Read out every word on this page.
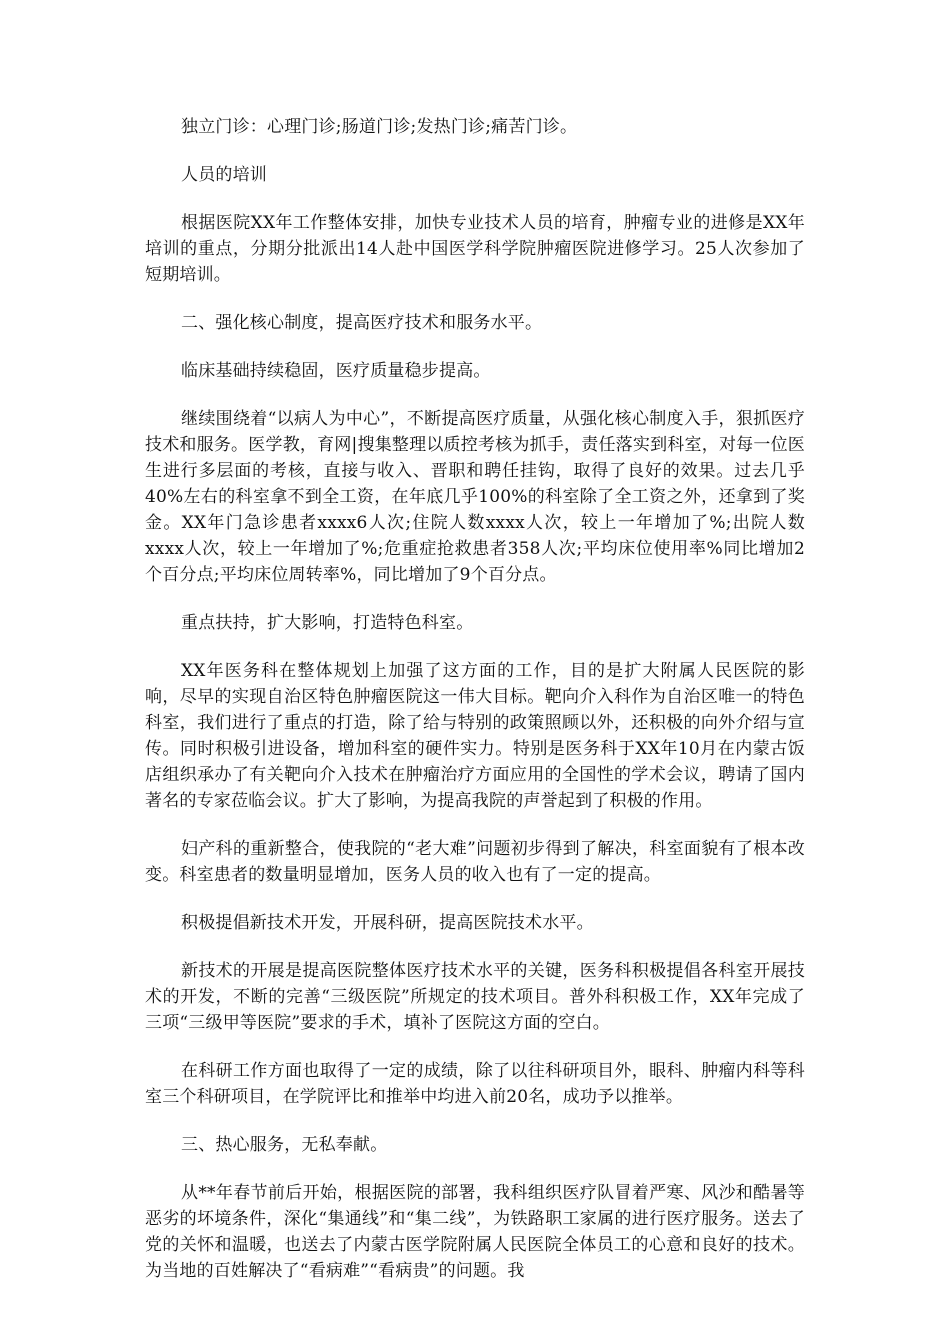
独立门诊：心理门诊;肠道门诊;发热门诊;痛苦门诊。

人员的培训

根据医院XX年工作整体安排，加快专业技术人员的培育，肿瘤专业的进修是XX年培训的重点，分期分批派出14人赴中国医学科学院肿瘤医院进修学习。25人次参加了短期培训。

二、强化核心制度，提高医疗技术和服务水平。

临床基础持续稳固，医疗质量稳步提高。

继续围绕着“以病人为中心”，不断提高医疗质量，从强化核心制度入手，狠抓医疗技术和服务。医学教，育网|搜集整理以质控考核为抓手，责任落实到科室，对每一位医生进行多层面的考核，直接与收入、晋职和聘任挂钩，取得了良好的效果。过去几乎40%左右的科室拿不到全工资，在年底几乎100%的科室除了全工资之外，还拿到了奖金。XX年门急诊患者xxxx6人次;住院人数xxxx人次，较上一年增加了%;出院人数xxxx人次，较上一年增加了%;危重症抢救患者358人次;平均床位使用率%同比增加2个百分点;平均床位周转率%，同比增加了9个百分点。

重点扶持，扩大影响，打造特色科室。

XX年医务科在整体规划上加强了这方面的工作，目的是扩大附属人民医院的影响，尽早的实现自治区特色肿瘤医院这一伟大目标。靶向介入科作为自治区唯一的特色科室，我们进行了重点的打造，除了给与特别的政策照顾以外，还积极的向外介绍与宣传。同时积极引进设备，增加科室的硬件实力。特别是医务科于XX年10月在内蒙古饭店组织承办了有关靶向介入技术在肿瘤治疗方面应用的全国性的学术会议，聘请了国内著名的专家莅临会议。扩大了影响，为提高我院的声誉起到了积极的作用。

妇产科的重新整合，使我院的“老大难”问题初步得到了解决，科室面貌有了根本改变。科室患者的数量明显增加，医务人员的收入也有了一定的提高。

积极提倡新技术开发，开展科研，提高医院技术水平。

新技术的开展是提高医院整体医疗技术水平的关键，医务科积极提倡各科室开展技术的开发，不断的完善“三级医院”所规定的技术项目。普外科积极工作，XX年完成了三项“三级甲等医院”要求的手术，填补了医院这方面的空白。

在科研工作方面也取得了一定的成绩，除了以往科研项目外，眼科、肿瘤内科等科室三个科研项目，在学院评比和推举中均进入前20名，成功予以推举。

三、热心服务，无私奉献。

从**年春节前后开始，根据医院的部署，我科组织医疗队冒着严寒、风沙和酷暑等恶劣的坏境条件，深化“集通线”和“集二线”，为铁路职工家属的进行医疗服务。送去了党的关怀和温暖，也送去了内蒙古医学院附属人民医院全体员工的心意和良好的技术。为当地的百姓解决了“看病难”“看病贵”的问题。我
